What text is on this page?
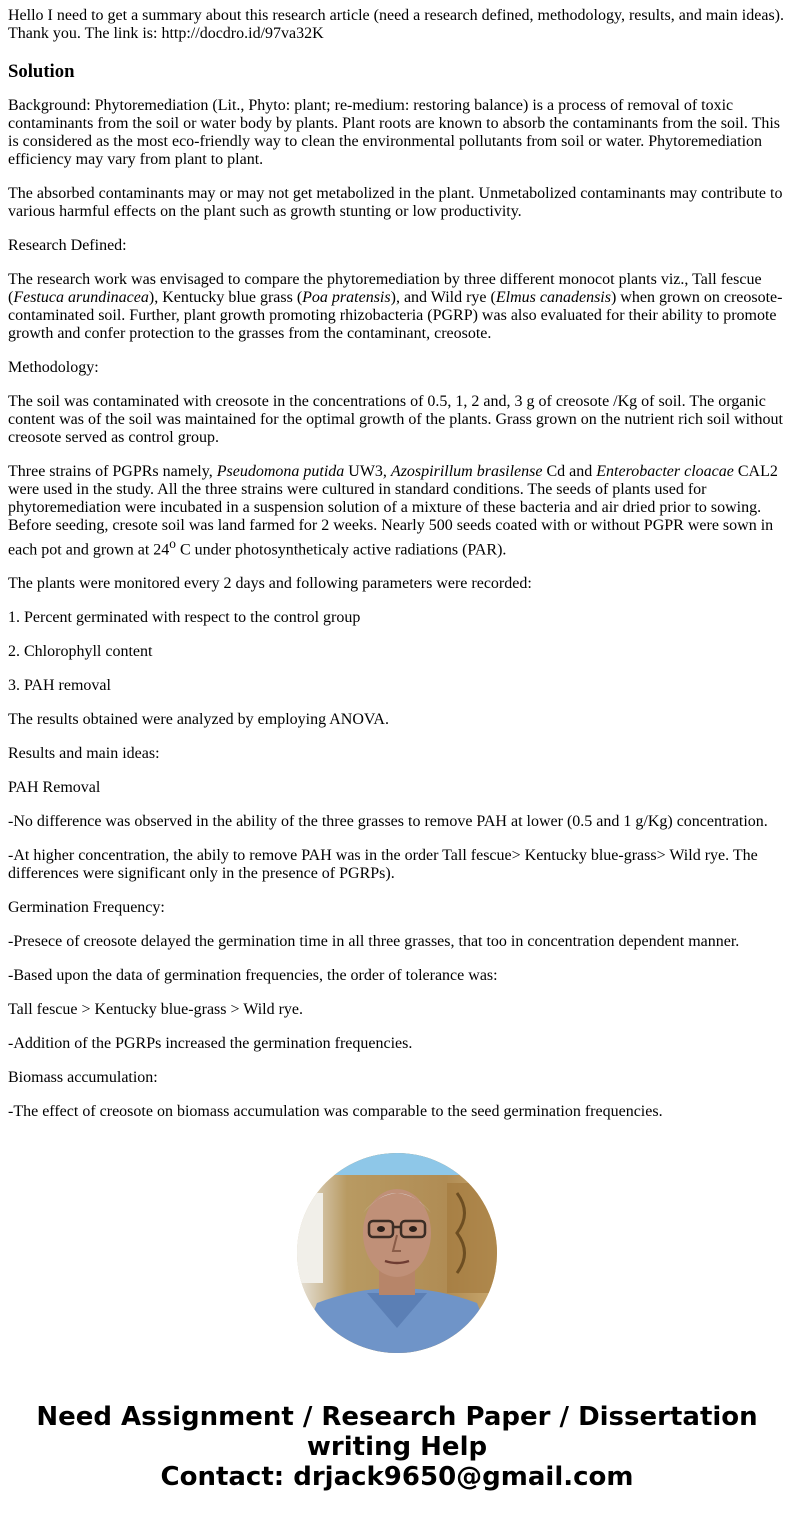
Hello I need to get a summary about this research article (need a research defined, methodology, results, and main ideas). Thank you. The link is: http://docdro.id/97va32K
Solution

Background: Phytoremediation (Lit., Phyto: plant; re-medium: restoring balance) is a process of removal of toxic contaminants from the soil or water body by plants. Plant roots are known to absorb the contaminants from the soil. This is considered as the most eco-friendly way to clean the environmental pollutants from soil or water. Phytoremediation efficiency may vary from plant to plant.

The absorbed contaminants may or may not get metabolized in the plant. Unmetabolized contaminants may contribute to various harmful effects on the plant such as growth stunting or low productivity.

Research Defined:

The research work was envisaged to compare the phytoremediation by three different monocot plants viz., Tall fescue (Festuca arundinacea), Kentucky blue grass (Poa pratensis), and Wild rye (Elmus canadensis) when grown on creosote-contaminated soil. Further, plant growth promoting rhizobacteria (PGRP) was also evaluated for their ability to promote growth and confer protection to the grasses from the contaminant, creosote.

Methodology:

The soil was contaminated with creosote in the concentrations of 0.5, 1, 2 and, 3 g of creosote /Kg of soil. The organic content was of the soil was maintained for the optimal growth of the plants. Grass grown on the nutrient rich soil without creosote served as control group.

Three strains of PGPRs namely, Pseudomona putida UW3, Azospirillum brasilense Cd and Enterobacter cloacae CAL2 were used in the study. All the three strains were cultured in standard conditions. The seeds of plants used for phytoremediation were incubated in a suspension solution of a mixture of these bacteria and air dried prior to sowing. Before seeding, cresote soil was land farmed for 2 weeks. Nearly 500 seeds coated with or without PGPR were sown in each pot and grown at 24$^o$ C under photosyntheticaly active radiations (PAR).

The plants were monitored every 2 days and following parameters were recorded:

1. Percent germinated with respect to the control group

2. Chlorophyll content

3. PAH removal

The results obtained were analyzed by employing ANOVA.

Results and main ideas:

PAH Removal

-No difference was observed in the ability of the three grasses to remove PAH at lower (0.5 and 1 g/Kg) concentration.

-At higher concentration, the abily to remove PAH was in the order Tall fescue> Kentucky blue-grass> Wild rye. The differences were significant only in the presence of PGRPs).

Germination Frequency:

-Presece of creosote delayed the germination time in all three grasses, that too in concentration dependent manner.

-Based upon the data of germination frequencies, the order of tolerance was:

Tall fescue > Kentucky blue-grass > Wild rye.

-Addition of the PGRPs increased the germination frequencies.

Biomass accumulation:

-The effect of creosote on biomass accumulation was comparable to the seed germination frequencies.

Need Assignment / Research Paper / Dissertation
writing Help
Contact: drjack9650@gmail.com
